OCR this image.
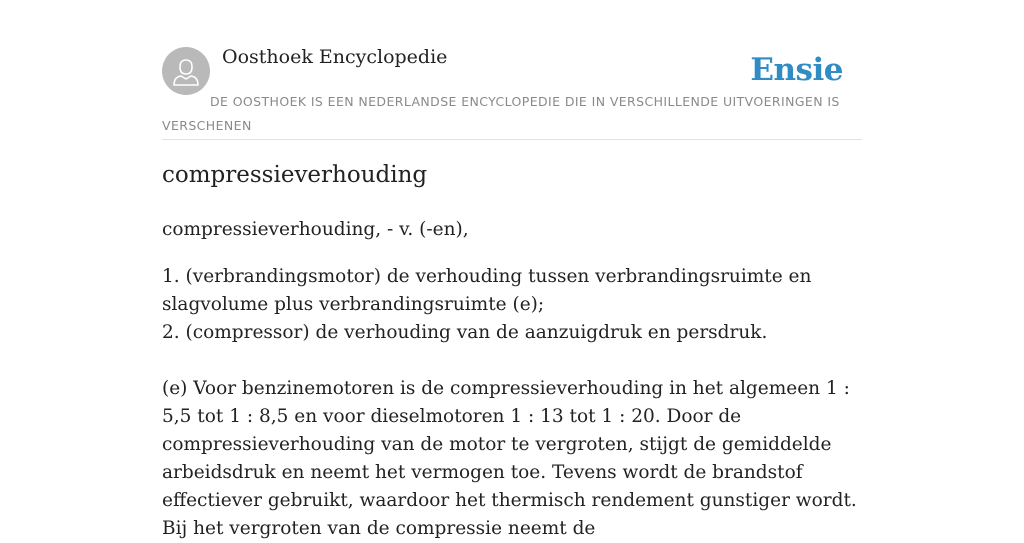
Oosthoek Encyclopedie	Ensie
DE OOSTHOEK IS EEN NEDERLANDSE ENCYCLOPEDIE DIE IN VERSCHILLENDE UITVOERINGEN IS VERSCHENEN
compressieverhouding

compressieverhouding, - v. (-en),

1. (verbrandingsmotor) de verhouding tussen verbrandingsruimte en slagvolume plus verbrandingsruimte (e);

2. (compressor) de verhouding van de aanzuigdruk en persdruk.

(e) Voor benzinemotoren is de compressieverhouding in het algemeen 1 : 5,5 tot 1 : 8,5 en voor dieselmotoren 1 : 13 tot 1 : 20. Door de compressieverhouding van de motor te vergroten, stijgt de gemiddelde arbeidsdruk en neemt het vermogen toe. Tevens wordt de brandstof effectiever gebruikt, waardoor het thermisch rendement gunstiger wordt. Bij het vergroten van de compressie neemt de
